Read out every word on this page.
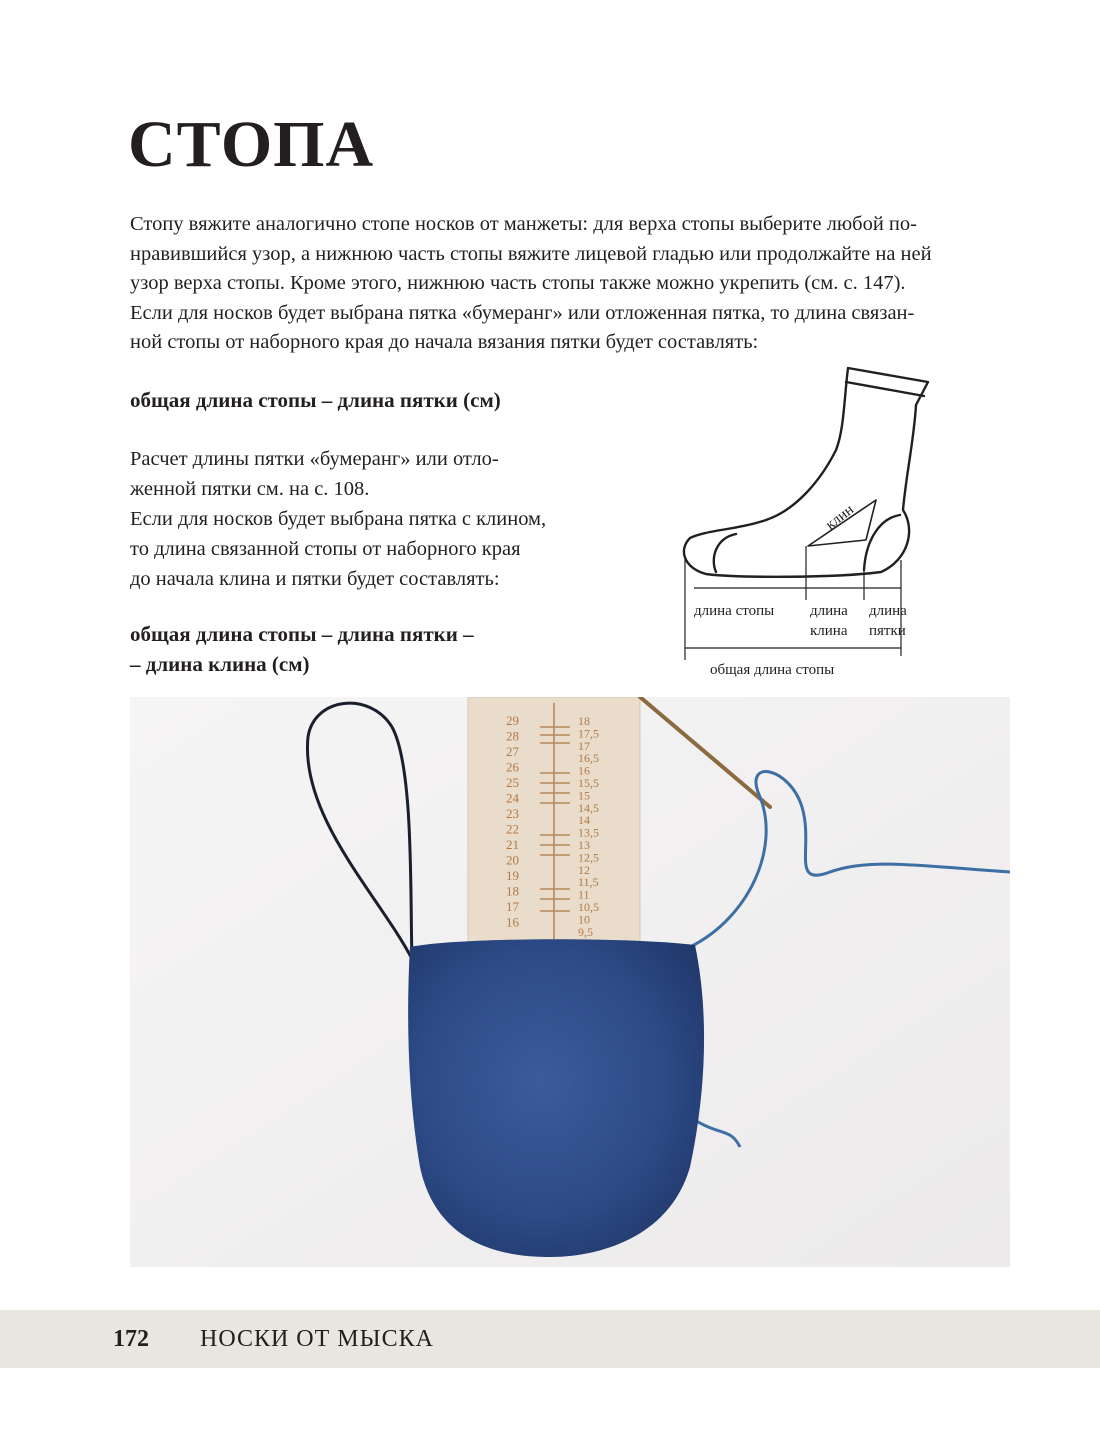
СТОПА

Стопу вяжите аналогично стопе носков от манжеты: для верха стопы выберите любой по-
нравившийся узор, а нижнюю часть стопы вяжите лицевой гладью или продолжайте на ней
узор верха стопы. Кроме этого, нижнюю часть стопы также можно укрепить (см. с. 147).
Если для носков будет выбрана пятка «бумеранг» или отложенная пятка, то длина связан-
ной стопы от наборного края до начала вязания пятки будет составлять:

общая длина стопы – длина пятки (см)

Расчет длины пятки «бумеранг» или отло-
женной пятки см. на с. 108.
Если для носков будет выбрана пятка с клином,
то длина связанной стопы от наборного края
до начала клина и пятки будет составлять:

общая длина стопы – длина пятки –
– длина клина (см)

клин
длина стопы длина
клина
длина
пятки
общая длина стопы
29
28
27
26
25
24
23
22
21
20
19
18
17
16
18
17,5
17
16,5
16
15,5
15
14,5
14
13,5
13
12,5
12
11,5
11
10,5
10
9,5

172 НОСКИ ОТ МЫСКА
